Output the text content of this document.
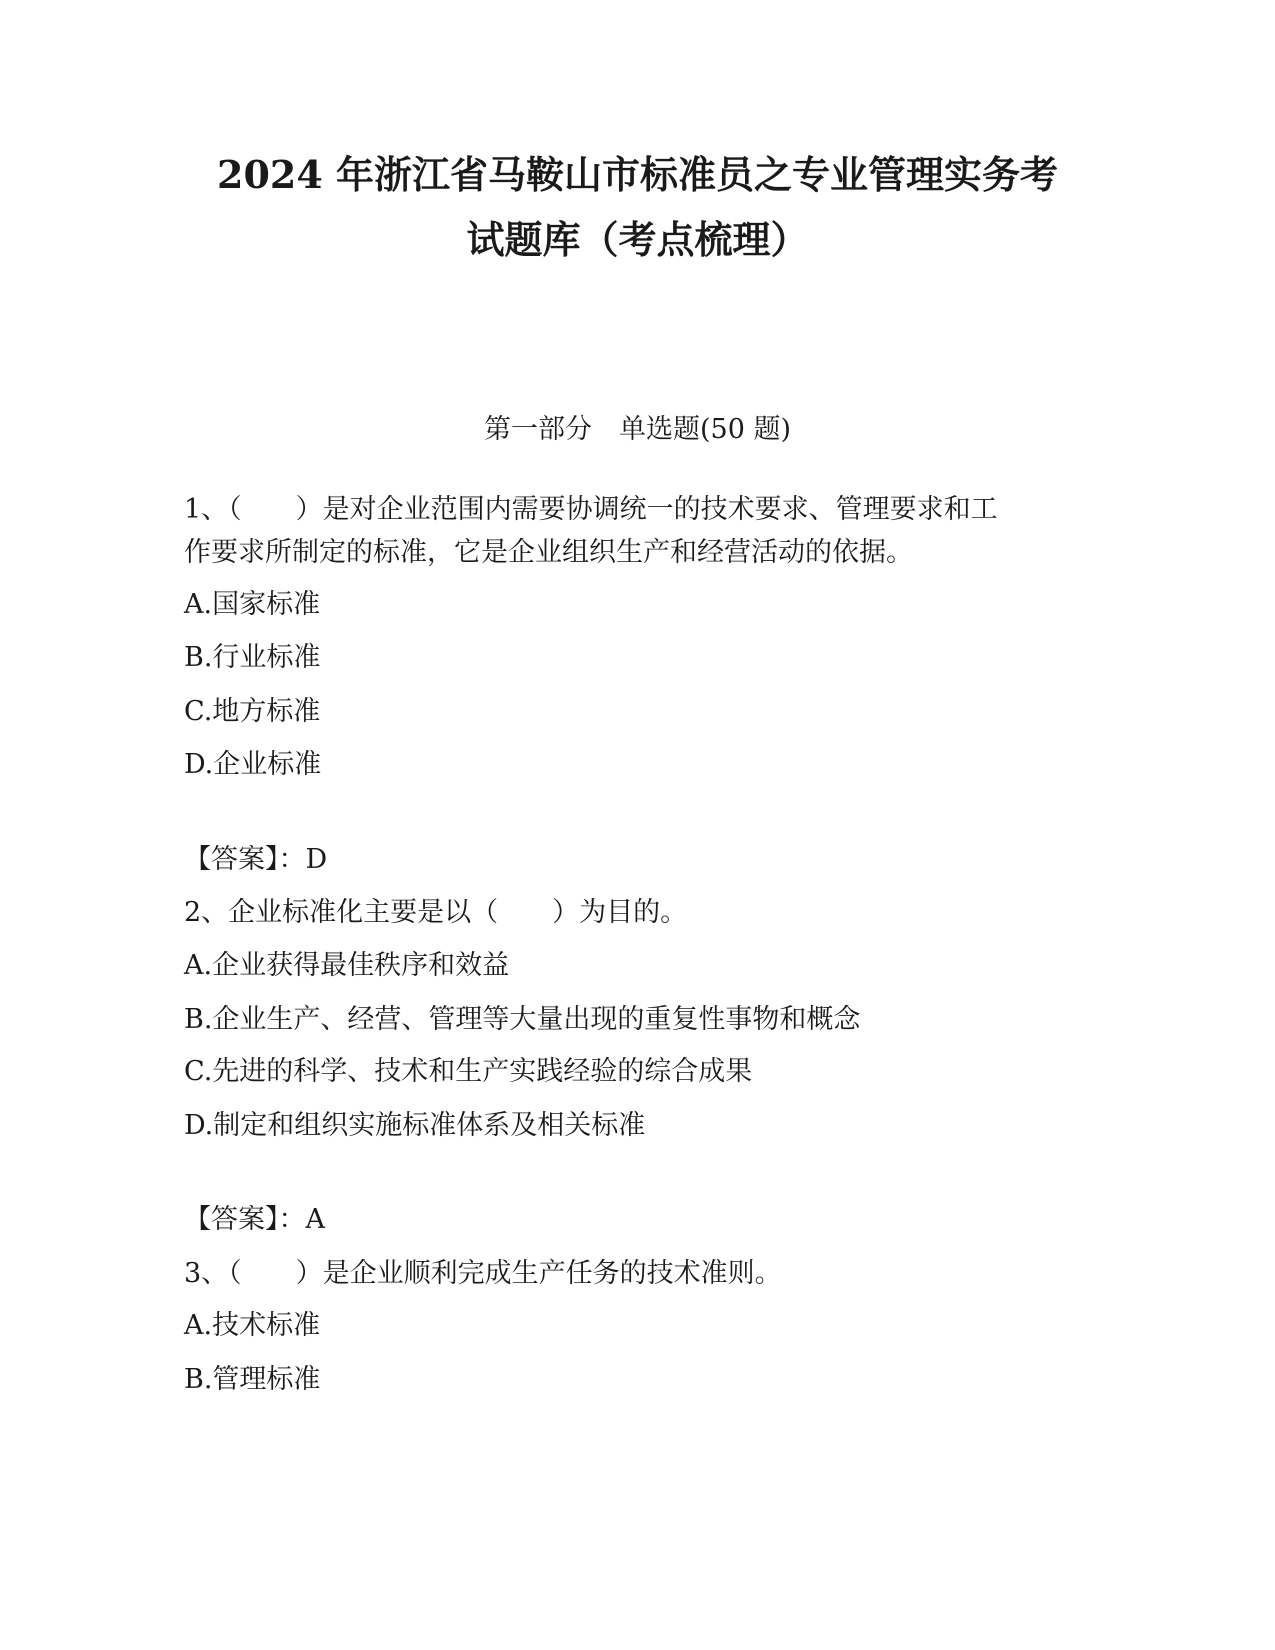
2024 年浙江省马鞍山市标准员之专业管理实务考
试题库（考点梳理）
第一部分　单选题(50 题)
1、（　　）是对企业范围内需要协调统一的技术要求、管理要求和工
作要求所制定的标准，它是企业组织生产和经营活动的依据。
A.国家标准
B.行业标准
C.地方标准
D.企业标准
【答案】：D
2、企业标准化主要是以（　　）为目的。
A.企业获得最佳秩序和效益
B.企业生产、经营、管理等大量出现的重复性事物和概念
C.先进的科学、技术和生产实践经验的综合成果
D.制定和组织实施标准体系及相关标准
【答案】：A
3、（　　）是企业顺利完成生产任务的技术准则。
A.技术标准
B.管理标准
